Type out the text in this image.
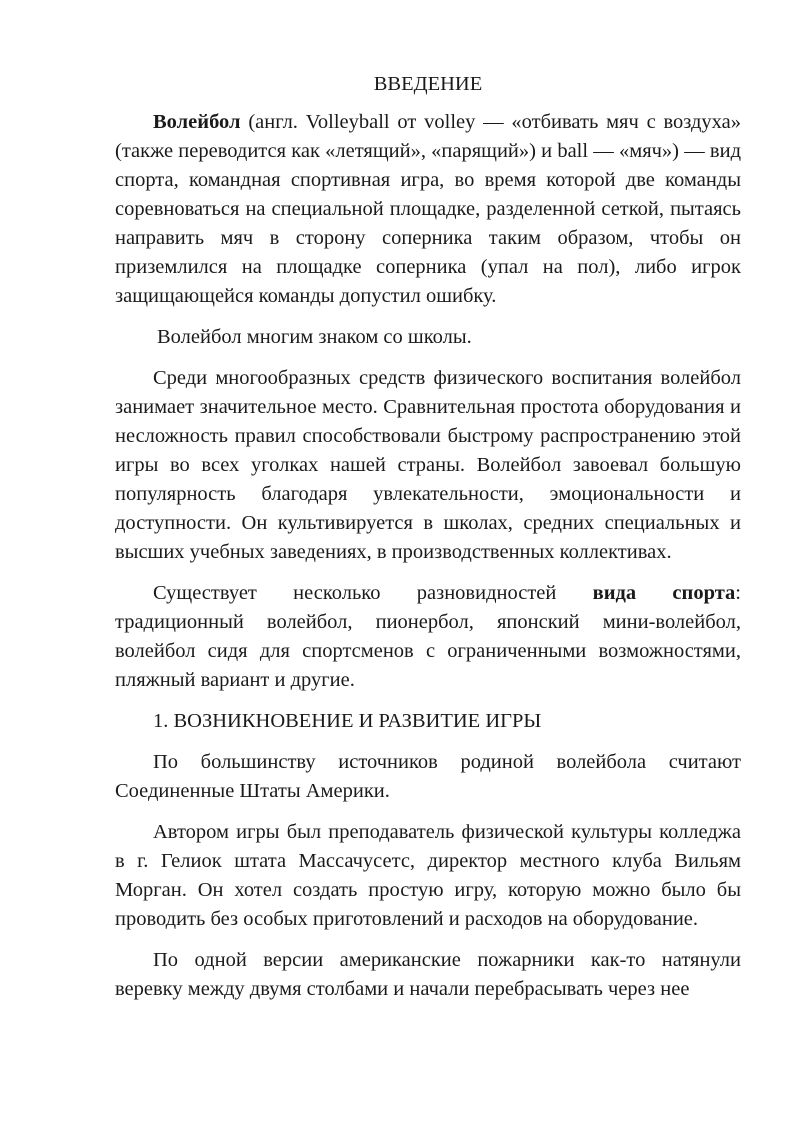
ВВЕДЕНИЕ

Волейбол (англ. Volleyball от volley — «отбивать мяч с воздуха» (также переводится как «летящий», «парящий») и ball — «мяч») — вид спорта, командная спортивная игра, во время которой две команды соревноваться на специальной площадке, разделенной сеткой, пытаясь направить мяч в сторону соперника таким образом, чтобы он приземлился на площадке соперника (упал на пол), либо игрок защищающейся команды допустил ошибку.

Волейбол многим знаком со школы.

Среди многообразных средств физического воспитания волейбол занимает значительное место. Сравнительная простота оборудования и несложность правил способствовали быстрому распространению этой игры во всех уголках нашей страны. Волейбол завоевал большую популярность благодаря увлекательности, эмоциональности и доступности. Он культивируется в школах, средних специальных и высших учебных заведениях, в производственных коллективах.

Существует несколько разновидностей вида спорта: традиционный волейбол, пионербол, японский мини-волейбол, волейбол сидя для спортсменов с ограниченными возможностями, пляжный вариант и другие.

1. ВОЗНИКНОВЕНИЕ И РАЗВИТИЕ ИГРЫ

По большинству источников родиной волейбола считают Соединенные Штаты Америки.

Автором игры был преподаватель физической культуры колледжа в г. Гелиок штата Массачусетс, директор местного клуба Вильям Морган. Он хотел создать простую игру, которую можно было бы проводить без особых приготовлений и расходов на оборудование.

По одной версии американские пожарники как-то натянули веревку между двумя столбами и начали перебрасывать через нее
